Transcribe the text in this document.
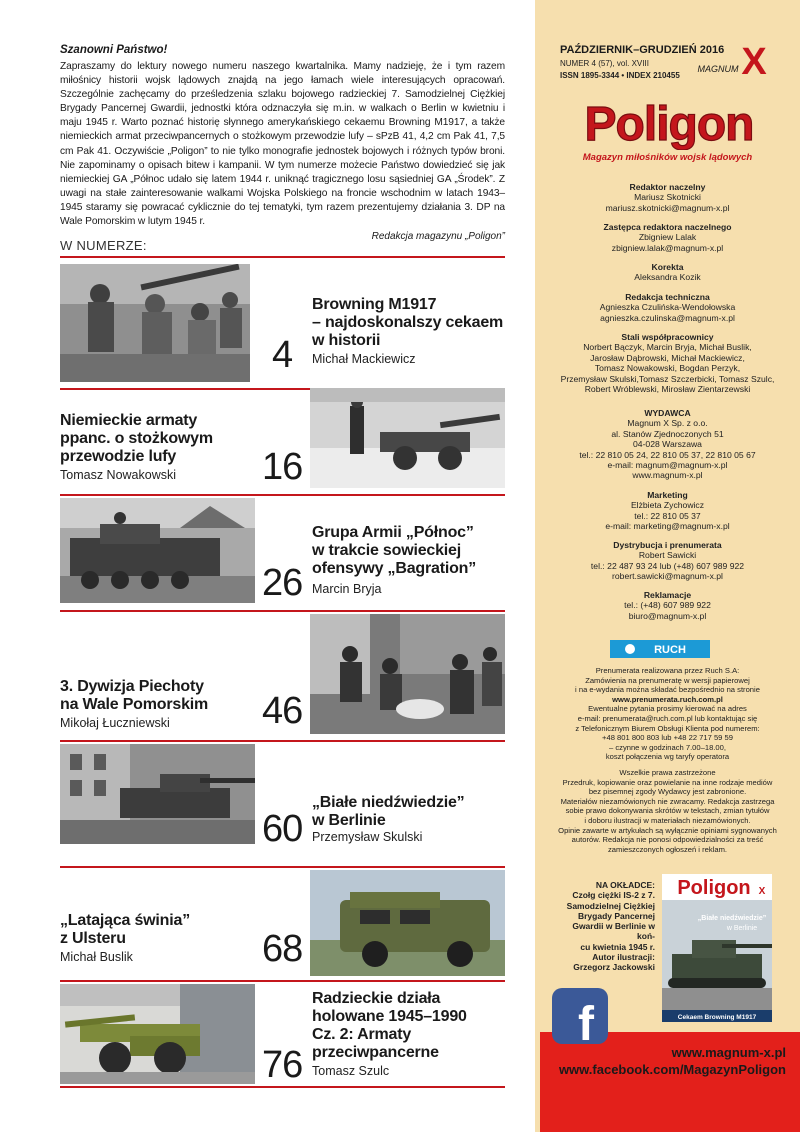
Szanowni Państwo!
Zapraszamy do lektury nowego numeru naszego kwartalnika. Mamy nadzieję, że i tym razem miłośnicy historii wojsk lądowych znajdą na jego łamach wiele interesujących opracowań. Szczególnie zachęcamy do prześledzenia szlaku bojowego radzieckiej 7. Samodzielnej Ciężkiej Brygady Pancernej Gwardii, jednostki która odznaczyła się m.in. w walkach o Berlin w kwietniu i maju 1945 r. Warto poznać historię słynnego amerykańskiego cekaemu Browning M1917, a także niemieckich armat przeciwpancernych o stożkowym przewodzie lufy – sPzB 41, 4,2 cm Pak 41, 7,5 cm Pak 41. Oczywiście „Poligon” to nie tylko monografie jednostek bojowych i różnych typów broni. Nie zapominamy o opisach bitew i kampanii. W tym numerze możecie Państwo dowiedzieć się jak niemieckiej GA „Północ udało się latem 1944 r. uniknąć tragicznego losu sąsiedniej GA „Środek”. Z uwagi na stałe zainteresowanie walkami Wojska Polskiego na froncie wschodnim w latach 1943–1945 staramy się powracać cyklicznie do tej tematyki, tym razem prezentujemy działania 3. DP na Wale Pomorskim w lutym 1945 r.
Redakcja magazynu „Poligon”
W NUMERZE:
Browning M1917
– najdoskonalszy cekaem
w historii
4 Michał Mackiewicz
Niemieckie armaty
ppanc. o stożkowym
przewodzie lufy
Tomasz Nowakowski 16
Grupa Armii „Północ”
w trakcie sowieckiej
ofensywy „Bagration”
26 Marcin Bryja
3. Dywizja Piechoty
na Wale Pomorskim
Mikołaj Łuczniewski 46
„Białe niedźwiedzie”
w Berlinie
60 Przemysław Skulski
„Latająca świnia”
z Ulsteru
Michał Buslik	68
Radzieckie działa
holowane 1945–1990
Cz. 2: Armaty
przeciwpancerne
76 Tomasz Szulc
PAŹDZIERNIK–GRUDZIEŃ 2016
NUMER 4 (57), vol. XVIII
ISSN 1895-3344 • INDEX 210455 X
MAGNUM
Poligon
Magazyn miłośników wojsk lądowych
Redaktor naczelny
Mariusz Skotnicki
mariusz.skotnicki@magnum-x.pl
Zastępca redaktora naczelnego
Zbigniew Lalak
zbigniew.lalak@magnum-x.pl
Korekta
Aleksandra Kozik
Redakcja techniczna
Agnieszka Czulińska-Wendołowska
agnieszka.czulinska@magnum-x.pl
Stali współpracownicy
Norbert Bączyk, Marcin Bryja, Michał Buslik,
Jarosław Dąbrowski, Michał Mackiewicz,
Tomasz Nowakowski, Bogdan Perzyk,
Przemysław Skulski,Tomasz Szczerbicki, Tomasz Szulc,
Robert Wróblewski, Mirosław Zientarzewski
WYDAWCA
Magnum X Sp. z o.o.
al. Stanów Zjednoczonych 51
04-028 Warszawa
tel.: 22 810 05 24, 22 810 05 37, 22 810 05 67
e-mail: magnum@magnum-x.pl
www.magnum-x.pl
Marketing
Elżbieta Zychowicz
tel.: 22 810 05 37
e-mail: marketing@magnum-x.pl
Dystrybucja i prenumerata
Robert Sawicki
tel.: 22 487 93 24 lub (+48) 607 989 922
robert.sawicki@magnum-x.pl
Reklamacje
tel.: (+48) 607 989 922
biuro@magnum-x.pl
RUCH
Prenumerata realizowana przez Ruch S.A:
Zamówienia na prenumeratę w wersji papierowej
i na e-wydania można składać bezpośrednio na stronie
www.prenumerata.ruch.com.pl
Ewentualne pytania prosimy kierować na adres
e-mail: prenumerata@ruch.com.pl lub kontaktując się
z Telefonicznym Biurem Obsługi Klienta pod numerem:
+48 801 800 803 lub +48 22 717 59 59
– czynne w godzinach 7.00–18.00,
koszt połączenia wg taryfy operatora
Wszelkie prawa zastrzeżone
Przedruk, kopiowanie oraz powielanie na inne rodzaje mediów
bez pisemnej zgody Wydawcy jest zabronione.
Materiałów niezamówionych nie zwracamy. Redakcja zastrzega
sobie prawo dokonywania skrótów w tekstach, zmian tytułów
i doboru ilustracji w materiałach niezamówionych.
Opinie zawarte w artykułach są wyłącznie opiniami sygnowanych
autorów. Redakcja nie ponosi odpowiedzialności za treść
zamieszczonych ogłoszeń i reklam.
NA OKŁADCE:
Czołg ciężki IS-2 z 7.
Samodzielnej Ciężkiej
Brygady Pancernej
Gwardii w Berlinie w koń-
cu kwietnia 1945 r.
Autor ilustracji:
Grzegorz Jackowski
Poligon X
„Białe niedźwiedzie”
w Berlinie
Cekaem Browning M1917
f
www.magnum-x.pl
www.facebook.com/MagazynPoligon
